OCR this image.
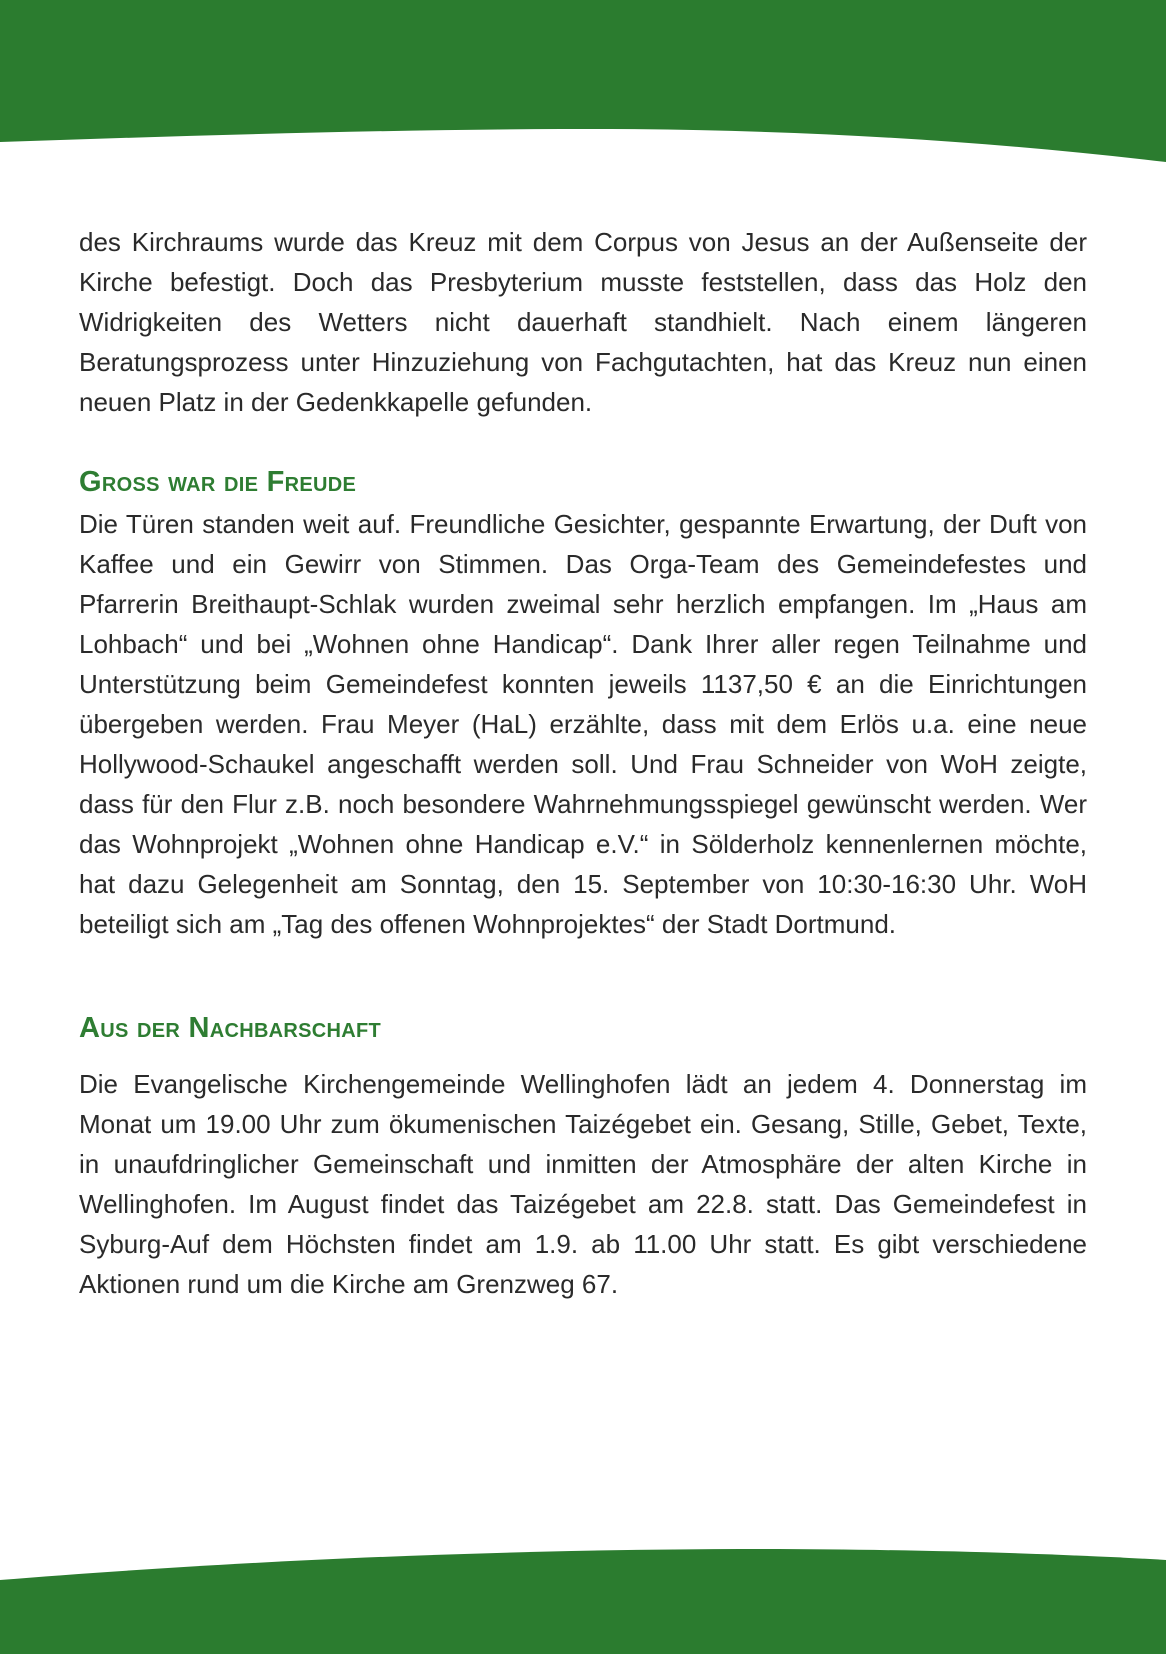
des Kirchraums wurde das Kreuz mit dem Corpus von Jesus an der Außenseite der Kirche befestigt. Doch das Presbyterium musste feststellen, dass das Holz den Widrigkeiten des Wetters nicht dauerhaft standhielt. Nach einem längeren Beratungsprozess unter Hinzuziehung von Fachgutachten, hat das Kreuz nun einen neuen Platz in der Gedenkkapelle gefunden.

Gross war die Freude

Die Türen standen weit auf. Freundliche Gesichter, gespannte Erwartung, der Duft von Kaffee und ein Gewirr von Stimmen. Das Orga-Team des Gemeindefestes und Pfarrerin Breithaupt-Schlak wurden zweimal sehr herzlich empfangen. Im „Haus am Lohbach“ und bei „Wohnen ohne Handicap“. Dank Ihrer aller regen Teilnahme und Unterstützung beim Gemeindefest konnten jeweils 1137,50 € an die Einrichtungen übergeben werden. Frau Meyer (HaL) erzählte, dass mit dem Erlös u.a. eine neue Hollywood-Schaukel angeschafft werden soll. Und Frau Schneider von WoH zeigte, dass für den Flur z.B. noch besondere Wahrnehmungsspiegel gewünscht werden. Wer das Wohnprojekt „Wohnen ohne Handicap e.V.“ in Sölderholz kennenlernen möchte, hat dazu Gelegenheit am Sonntag, den 15. September von 10:30-16:30 Uhr. WoH beteiligt sich am „Tag des offenen Wohnprojektes“ der Stadt Dortmund.

Aus der Nachbarschaft

Die Evangelische Kirchengemeinde Wellinghofen lädt an jedem 4. Donnerstag im Monat um 19.00 Uhr zum ökumenischen Taizégebet ein. Gesang, Stille, Gebet, Texte, in unaufdringlicher Gemeinschaft und inmitten der Atmosphäre der alten Kirche in Wellinghofen. Im August findet das Taizégebet am 22.8. statt. Das Gemeindefest in Syburg-Auf dem Höchsten findet am 1.9. ab 11.00 Uhr statt. Es gibt verschiedene Aktionen rund um die Kirche am Grenzweg 67.
